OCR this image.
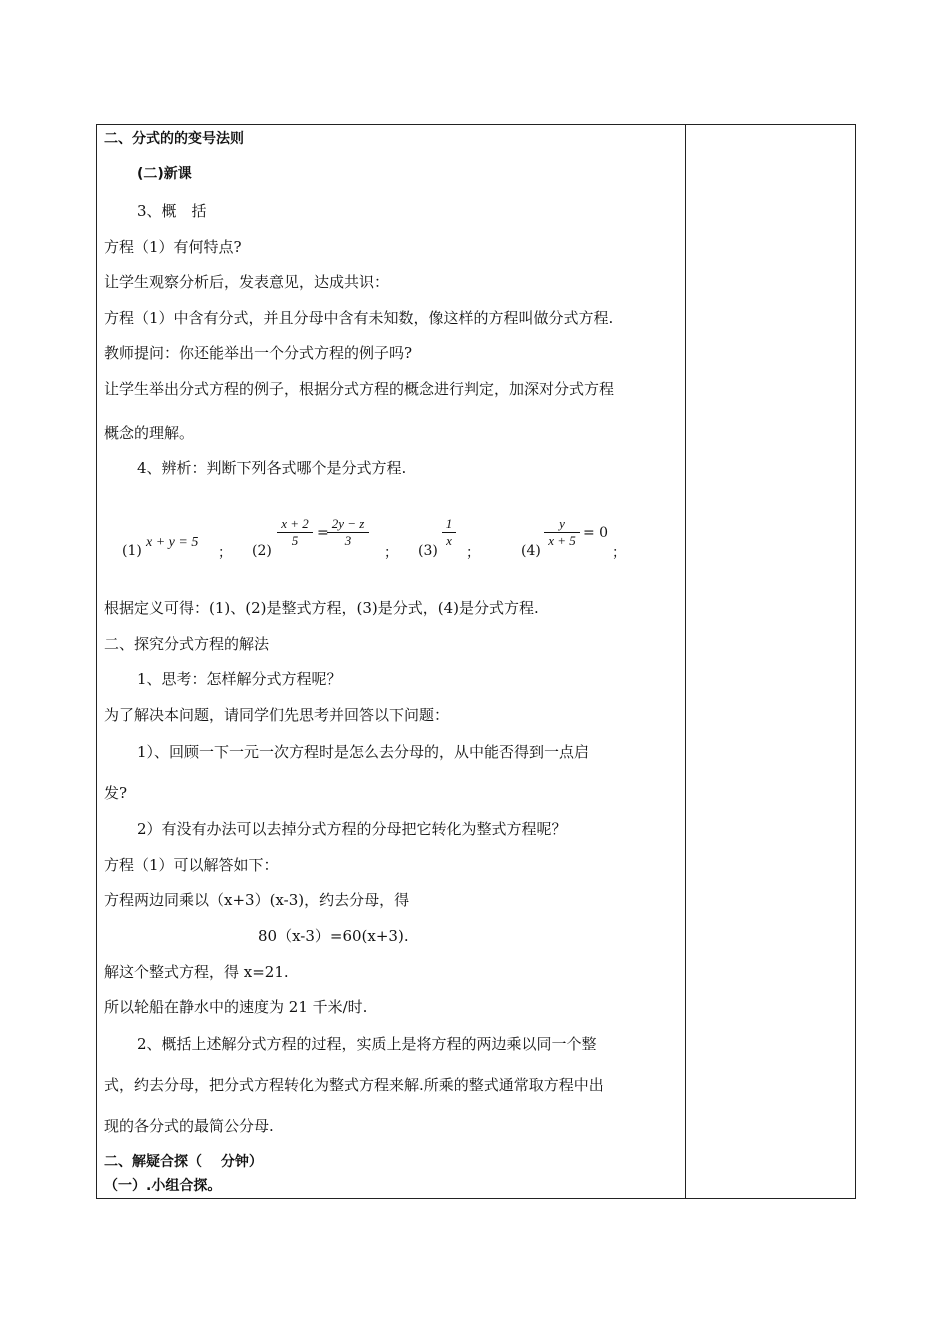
二、分式的的变号法则
(二)新课
3、概　括
方程（1）有何特点?
让学生观察分析后，发表意见，达成共识：
方程（1）中含有分式，并且分母中含有未知数，像这样的方程叫做分式方程.
教师提问：你还能举出一个分式方程的例子吗?
让学生举出分式方程的例子，根据分式方程的概念进行判定，加深对分式方程
概念的理解。
4、辨析：判断下列各式哪个是分式方程.
(1)
x + y = 5
； (2)
$\frac{x + 2}{5}$ =
$\frac{2y - z}{3}$
； (3)
$\frac{1}{x}$
；	(4)
$\frac{y}{x + 5} = 0$
；
根据定义可得：(1)、(2)是整式方程，(3)是分式，(4)是分式方程.
二、探究分式方程的解法
1、思考：怎样解分式方程呢？
为了解决本问题，请同学们先思考并回答以下问题：
1）、回顾一下一元一次方程时是怎么去分母的，从中能否得到一点启
发?
2）有没有办法可以去掉分式方程的分母把它转化为整式方程呢？
方程（1）可以解答如下：
方程两边同乘以（x+3）(x-3)，约去分母，得
80（x-3）=60(x+3).
解这个整式方程，得 x=21.
所以轮船在静水中的速度为 21 千米/时.
2、概括上述解分式方程的过程，实质上是将方程的两边乘以同一个整
式，约去分母，把分式方程转化为整式方程来解.所乘的整式通常取方程中出
现的各分式的最简公分母.
二、解疑合探（　 分钟）
（一）.小组合探。
